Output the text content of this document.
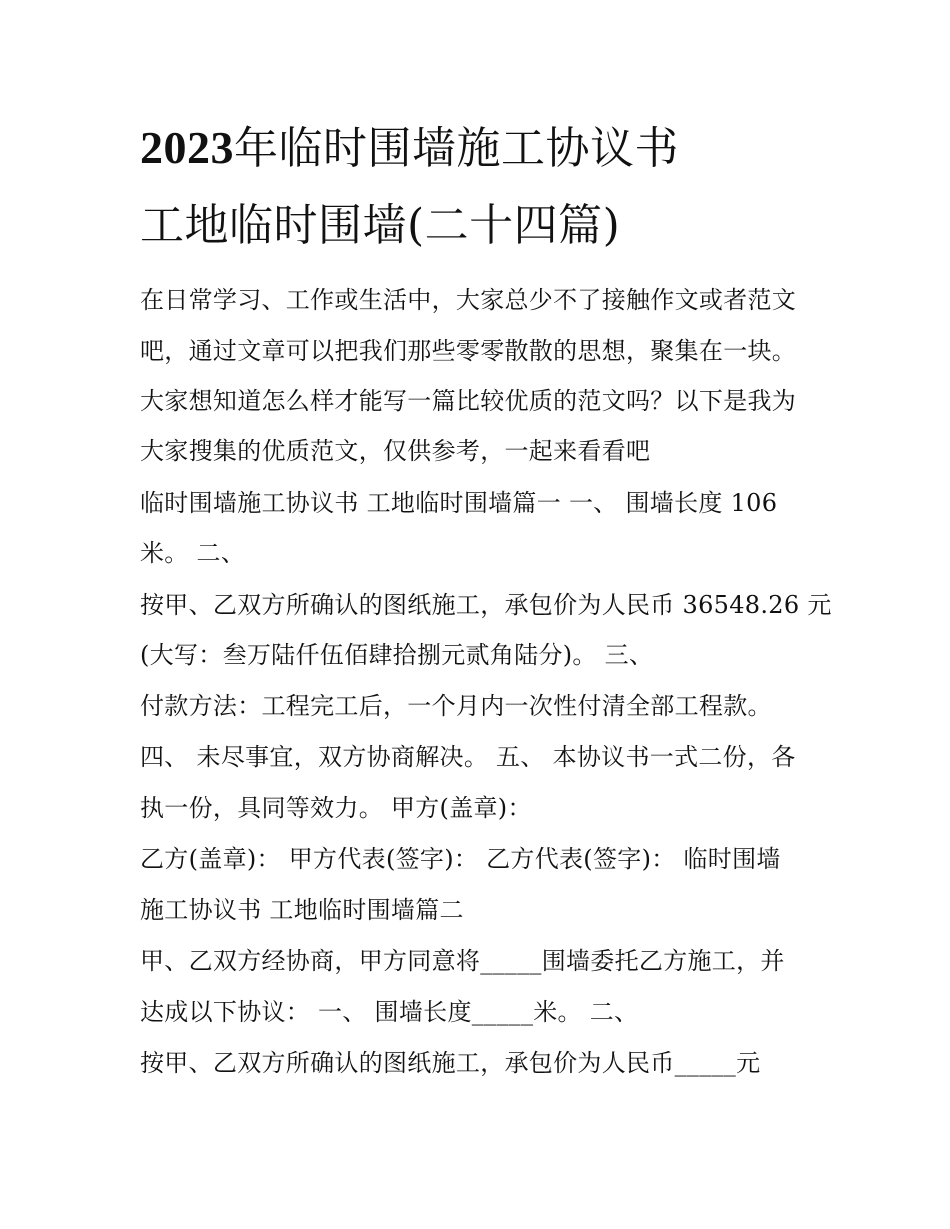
2023年临时围墙施工协议书
工地临时围墙(二十四篇)

在日常学习、工作或生活中，大家总少不了接触作文或者范文

吧，通过文章可以把我们那些零零散散的思想，聚集在一块。

大家想知道怎么样才能写一篇比较优质的范文吗？以下是我为

大家搜集的优质范文，仅供参考，一起来看看吧

临时围墙施工协议书 工地临时围墙篇一 一、 围墙长度 106

米。 二、

按甲、乙双方所确认的图纸施工，承包价为人民币 36548.26 元

(大写：叁万陆仟伍佰肆拾捌元贰角陆分)。 三、

付款方法：工程完工后，一个月内一次性付清全部工程款。

四、 未尽事宜，双方协商解决。 五、 本协议书一式二份，各

执一份，具同等效力。 甲方(盖章)：

乙方(盖章)： 甲方代表(签字)： 乙方代表(签字)： 临时围墙

施工协议书 工地临时围墙篇二

甲、乙双方经协商，甲方同意将_____围墙委托乙方施工，并

达成以下协议： 一、 围墙长度_____米。 二、

按甲、乙双方所确认的图纸施工，承包价为人民币_____元
